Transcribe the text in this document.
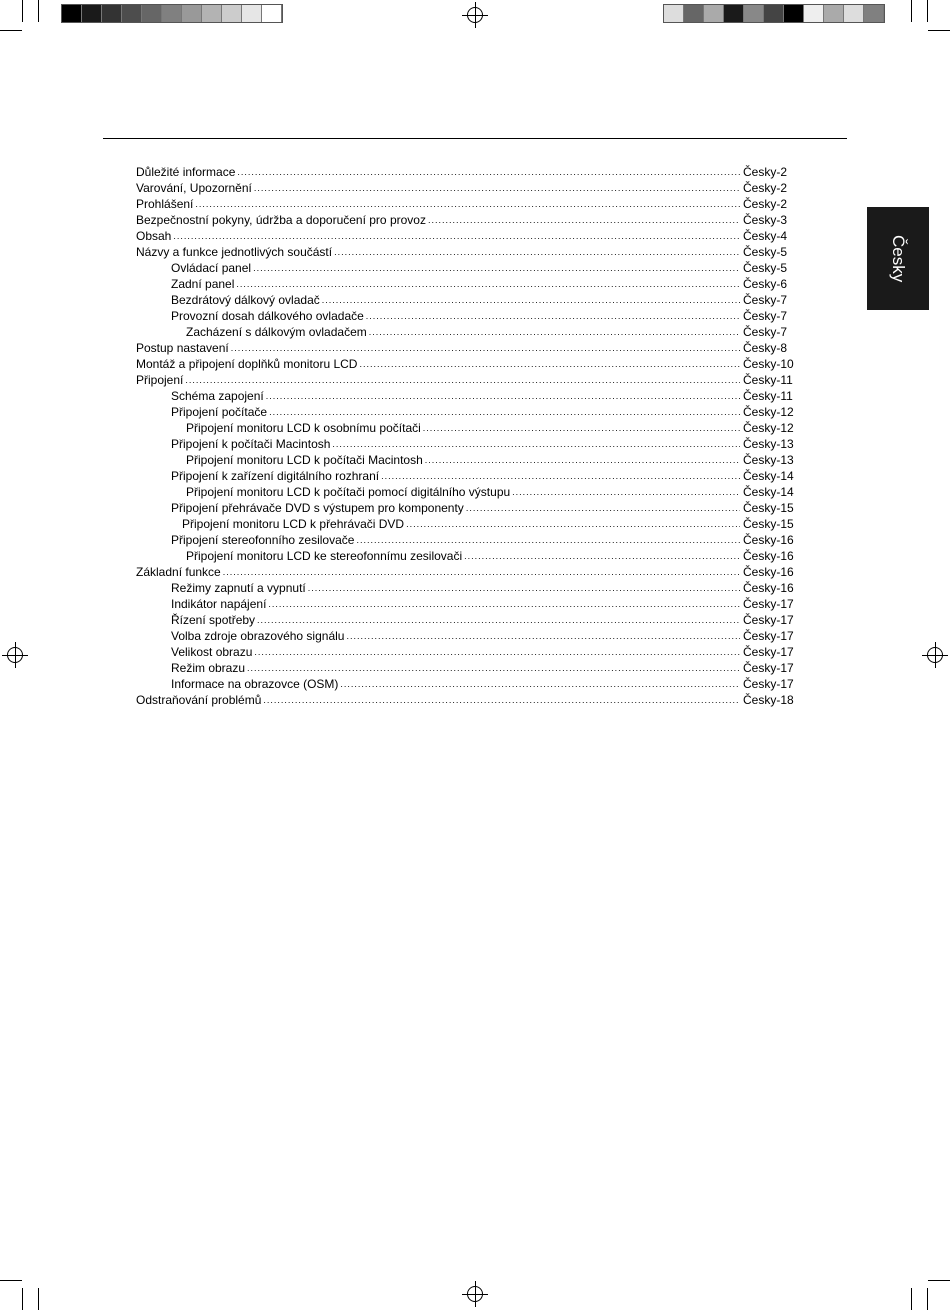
Důležité informace .....	Česky-2
Varování, Upozornění .....	Česky-2
Prohlášení .....	Česky-2
Bezpečnostní pokyny, údržba a doporučení pro provoz .....	Česky-3
Obsah .....	Česky-4
Názvy a funkce jednotlivých součástí .....	Česky-5
Ovládací panel .....	Česky-5
Zadní panel .....	Česky-6
Bezdrátový dálkový ovladač .....	Česky-7
Provozní dosah dálkového ovladače .....	Česky-7
Zacházení s dálkovým ovladačem .....	Česky-7
Postup nastavení .....	Česky-8
Montáž a připojení doplňků monitoru LCD .....	Česky-10
Připojení .....	Česky-11
Schéma zapojení .....	Česky-11
Připojení počítače .....	Česky-12
Připojení monitoru LCD k osobnímu počítači .....	Česky-12
Připojení k počítači Macintosh .....	Česky-13
Připojení monitoru LCD k počítači Macintosh .....	Česky-13
Připojení k zařízení digitálního rozhraní .....	Česky-14
Připojení monitoru LCD k počítači pomocí digitálního výstupu .....	Česky-14
Připojení přehrávače DVD s výstupem pro komponenty .....	Česky-15
Připojení monitoru LCD k přehrávači DVD .....	Česky-15
Připojení stereofonního zesilovače .....	Česky-16
Připojení monitoru LCD ke stereofonnímu zesilovači .....	Česky-16
Základní funkce .....	Česky-16
Režimy zapnutí a vypnutí .....	Česky-16
Indikátor napájení .....	Česky-17
Řízení spotřeby .....	Česky-17
Volba zdroje obrazového signálu .....	Česky-17
Velikost obrazu .....	Česky-17
Režim obrazu .....	Česky-17
Informace na obrazovce (OSM) .....	Česky-17
Odstraňování problémů .....	Česky-18
Česky
